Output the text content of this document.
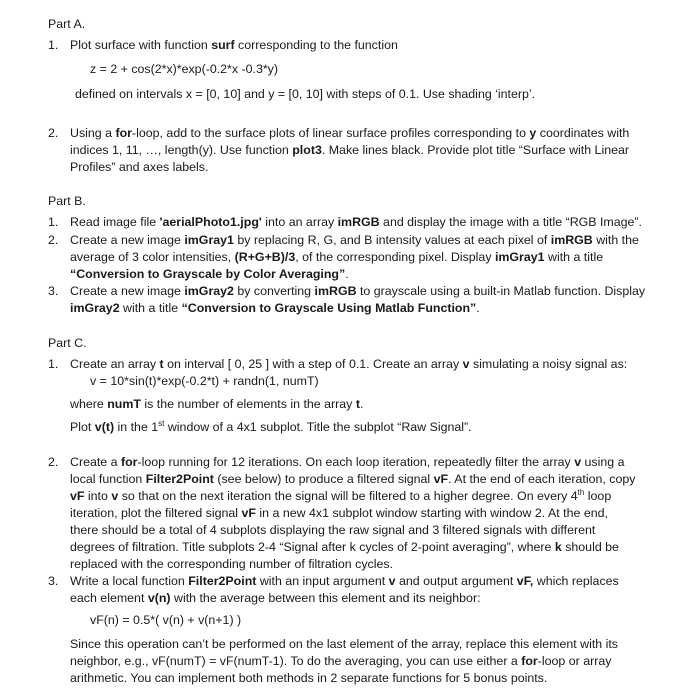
Part A.
1. Plot surface with function surf corresponding to the function
z = 2 + cos(2*x)*exp(-0.2*x -0.3*y)
defined on intervals x = [0, 10] and y = [0, 10] with steps of 0.1. Use shading ‘interp’.
2. Using a for-loop, add to the surface plots of linear surface profiles corresponding to y coordinates with
indices 1, 11, …, length(y). Use function plot3. Make lines black. Provide plot title “Surface with Linear
Profiles” and axes labels.
Part B.
1. Read image file 'aerialPhoto1.jpg' into an array imRGB and display the image with a title “RGB Image”.
2. Create a new image imGray1 by replacing R, G, and B intensity values at each pixel of imRGB with the
average of 3 color intensities, (R+G+B)/3, of the corresponding pixel. Display imGray1 with a title
“Conversion to Grayscale by Color Averaging”.
3. Create a new image imGray2 by converting imRGB to grayscale using a built-in Matlab function. Display
imGray2 with a title “Conversion to Grayscale Using Matlab Function”.
Part C.
1. Create an array t on interval [ 0, 25 ] with a step of 0.1. Create an array v simulating a noisy signal as:
v = 10*sin(t)*exp(-0.2*t) + randn(1, numT)
where numT is the number of elements in the array t.
Plot v(t) in the 1st window of a 4x1 subplot. Title the subplot “Raw Signal”.
2. Create a for-loop running for 12 iterations. On each loop iteration, repeatedly filter the array v using a
local function Filter2Point (see below) to produce a filtered signal vF. At the end of each iteration, copy
vF into v so that on the next iteration the signal will be filtered to a higher degree. On every 4th loop
iteration, plot the filtered signal vF in a new 4x1 subplot window starting with window 2. At the end,
there should be a total of 4 subplots displaying the raw signal and 3 filtered signals with different
degrees of filtration. Title subplots 2-4 “Signal after k cycles of 2-point averaging”, where k should be
replaced with the corresponding number of filtration cycles.
3. Write a local function Filter2Point with an input argument v and output argument vF, which replaces
each element v(n) with the average between this element and its neighbor:
vF(n) = 0.5*( v(n) + v(n+1) )
Since this operation can’t be performed on the last element of the array, replace this element with its
neighbor, e.g., vF(numT) = vF(numT-1). To do the averaging, you can use either a for-loop or array
arithmetic. You can implement both methods in 2 separate functions for 5 bonus points.
